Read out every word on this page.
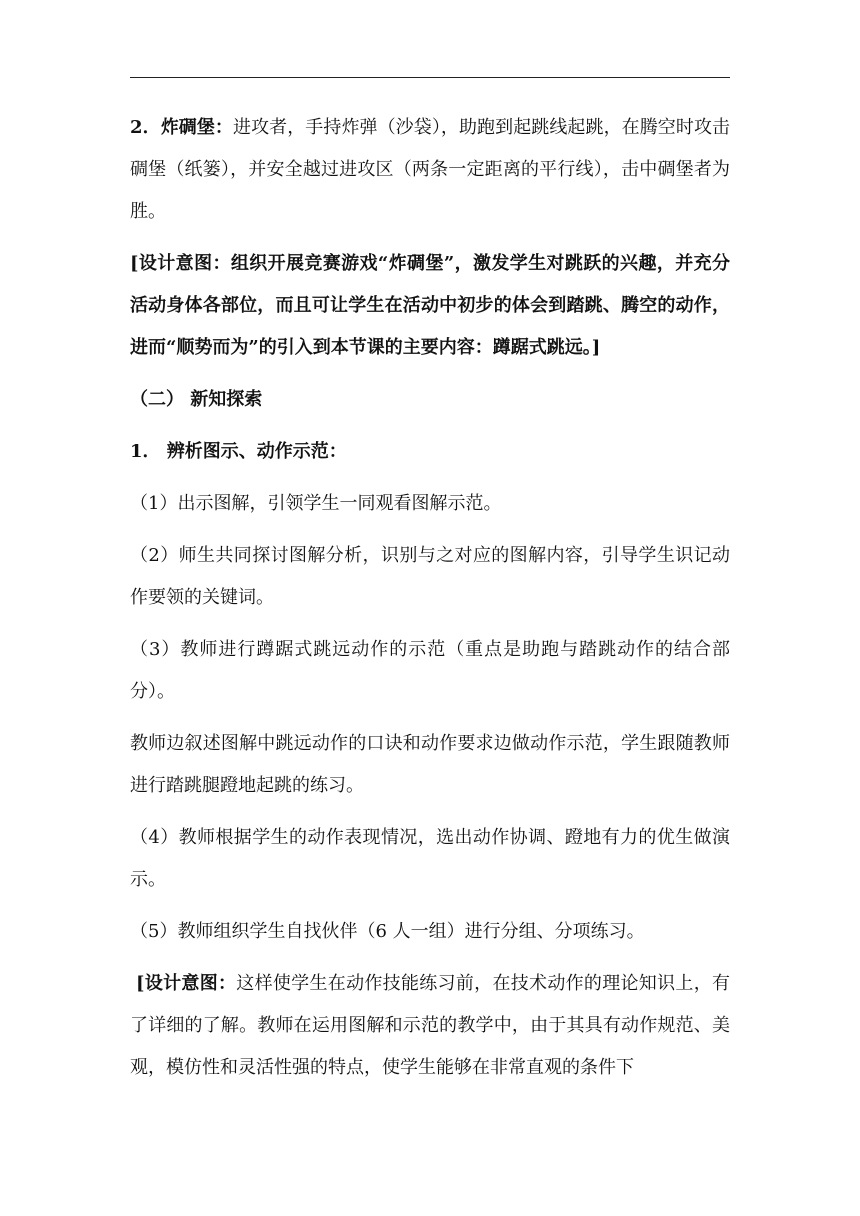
2．炸碉堡：进攻者，手持炸弹（沙袋），助跑到起跳线起跳，在腾空时攻击碉堡（纸篓），并安全越过进攻区（两条一定距离的平行线），击中碉堡者为胜。

[设计意图：组织开展竞赛游戏“炸碉堡”，激发学生对跳跃的兴趣，并充分活动身体各部位，而且可让学生在活动中初步的体会到踏跳、腾空的动作，进而“顺势而为”的引入到本节课的主要内容：蹲踞式跳远。]

（二） 新知探索

1． 辨析图示、动作示范：

（1）出示图解，引领学生一同观看图解示范。

（2）师生共同探讨图解分析，识别与之对应的图解内容，引导学生识记动作要领的关键词。

（3）教师进行蹲踞式跳远动作的示范（重点是助跑与踏跳动作的结合部分）。

教师边叙述图解中跳远动作的口诀和动作要求边做动作示范，学生跟随教师进行踏跳腿蹬地起跳的练习。

（4）教师根据学生的动作表现情况，选出动作协调、蹬地有力的优生做演示。

（5）教师组织学生自找伙伴（6 人一组）进行分组、分项练习。

[设计意图：这样使学生在动作技能练习前，在技术动作的理论知识上，有了详细的了解。教师在运用图解和示范的教学中，由于其具有动作规范、美观，模仿性和灵活性强的特点，使学生能够在非常直观的条件下
